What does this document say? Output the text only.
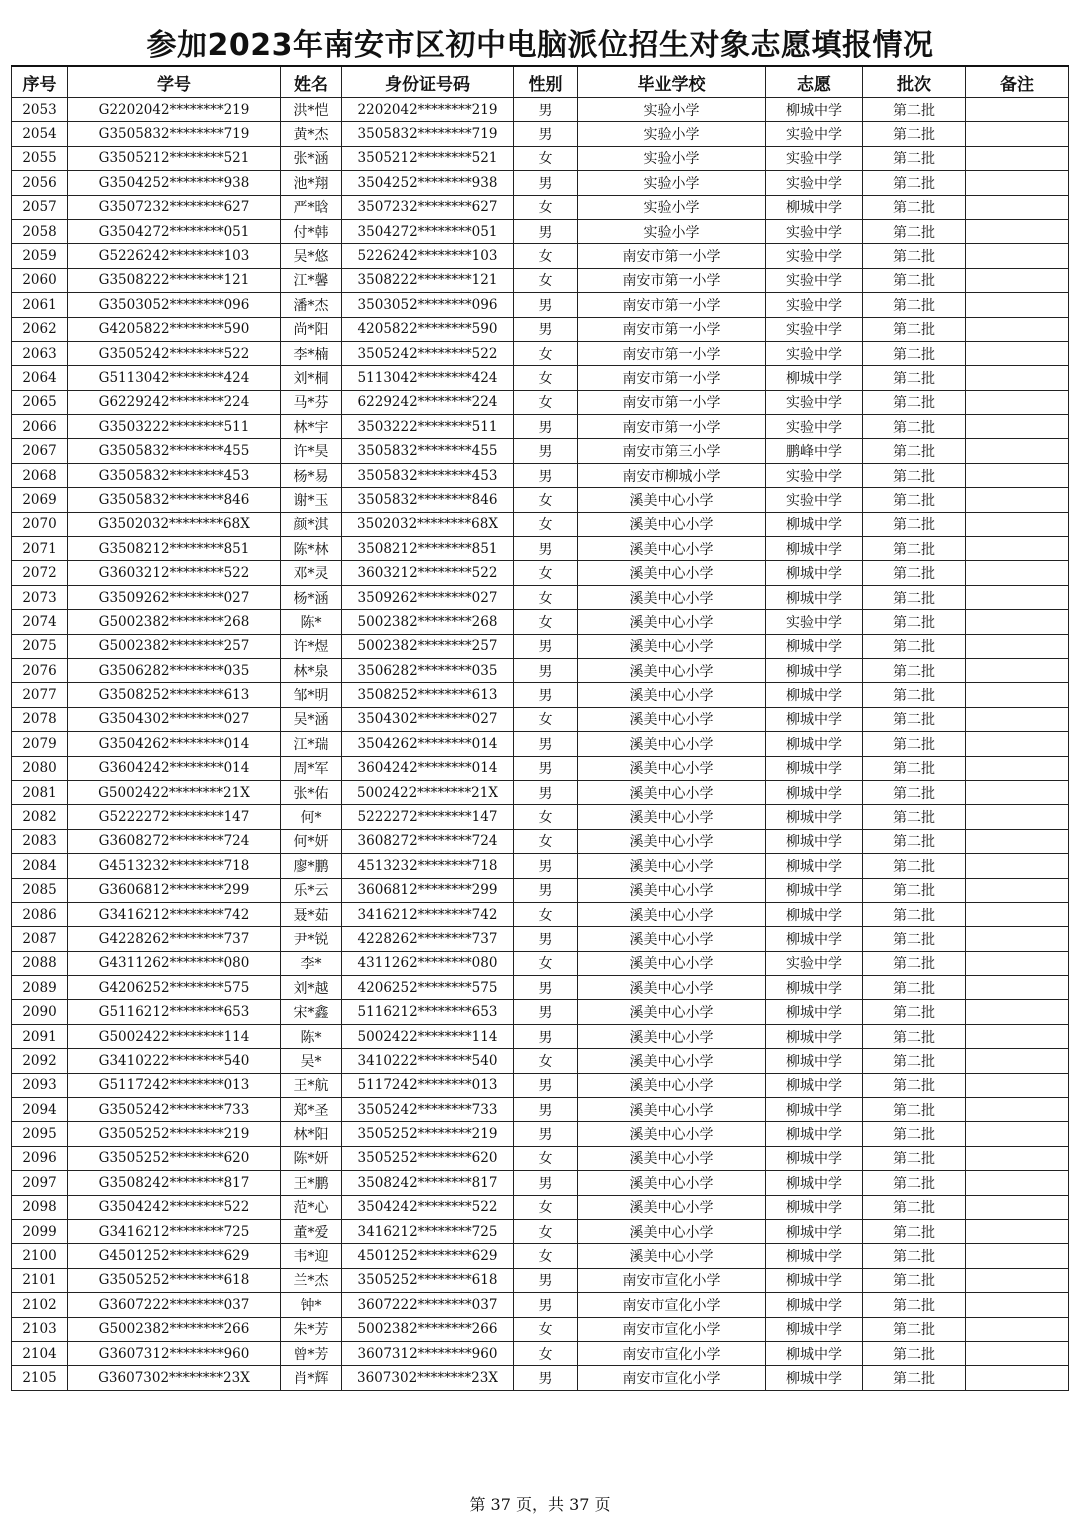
参加2023年南安市区初中电脑派位招生对象志愿填报情况
序号	学号	姓名	身份证号码	性别	毕业学校	志愿	批次	备注
2053	G2202042********219	洪*恺	2202042********219	男	实验小学	柳城中学	第二批	
2054	G3505832********719	黄*杰	3505832********719	男	实验小学	实验中学	第二批	
2055	G3505212********521	张*涵	3505212********521	女	实验小学	实验中学	第二批	
2056	G3504252********938	池*翔	3504252********938	男	实验小学	实验中学	第二批	
2057	G3507232********627	严*晗	3507232********627	女	实验小学	柳城中学	第二批	
2058	G3504272********051	付*韩	3504272********051	男	实验小学	实验中学	第二批	
2059	G5226242********103	吴*悠	5226242********103	女	南安市第一小学	实验中学	第二批	
2060	G3508222********121	江*馨	3508222********121	女	南安市第一小学	实验中学	第二批	
2061	G3503052********096	潘*杰	3503052********096	男	南安市第一小学	实验中学	第二批	
2062	G4205822********590	尚*阳	4205822********590	男	南安市第一小学	实验中学	第二批	
2063	G3505242********522	李*楠	3505242********522	女	南安市第一小学	实验中学	第二批	
2064	G5113042********424	刘*桐	5113042********424	女	南安市第一小学	柳城中学	第二批	
2065	G6229242********224	马*芬	6229242********224	女	南安市第一小学	实验中学	第二批	
2066	G3503222********511	林*宇	3503222********511	男	南安市第一小学	实验中学	第二批	
2067	G3505832********455	许*昊	3505832********455	男	南安市第三小学	鹏峰中学	第二批	
2068	G3505832********453	杨*易	3505832********453	男	南安市柳城小学	实验中学	第二批	
2069	G3505832********846	谢*玉	3505832********846	女	溪美中心小学	实验中学	第二批	
2070	G3502032********68X	颜*淇	3502032********68X	女	溪美中心小学	柳城中学	第二批	
2071	G3508212********851	陈*林	3508212********851	男	溪美中心小学	柳城中学	第二批	
2072	G3603212********522	邓*灵	3603212********522	女	溪美中心小学	柳城中学	第二批	
2073	G3509262********027	杨*涵	3509262********027	女	溪美中心小学	柳城中学	第二批	
2074	G5002382********268	陈*	5002382********268	女	溪美中心小学	实验中学	第二批	
2075	G5002382********257	许*煜	5002382********257	男	溪美中心小学	柳城中学	第二批	
2076	G3506282********035	林*泉	3506282********035	男	溪美中心小学	柳城中学	第二批	
2077	G3508252********613	邹*明	3508252********613	男	溪美中心小学	柳城中学	第二批	
2078	G3504302********027	吴*涵	3504302********027	女	溪美中心小学	柳城中学	第二批	
2079	G3504262********014	江*瑞	3504262********014	男	溪美中心小学	柳城中学	第二批	
2080	G3604242********014	周*军	3604242********014	男	溪美中心小学	柳城中学	第二批	
2081	G5002422********21X	张*佑	5002422********21X	男	溪美中心小学	柳城中学	第二批	
2082	G5222272********147	何*	5222272********147	女	溪美中心小学	柳城中学	第二批	
2083	G3608272********724	何*妍	3608272********724	女	溪美中心小学	柳城中学	第二批	
2084	G4513232********718	廖*鹏	4513232********718	男	溪美中心小学	柳城中学	第二批	
2085	G3606812********299	乐*云	3606812********299	男	溪美中心小学	柳城中学	第二批	
2086	G3416212********742	聂*茹	3416212********742	女	溪美中心小学	柳城中学	第二批	
2087	G4228262********737	尹*锐	4228262********737	男	溪美中心小学	柳城中学	第二批	
2088	G4311262********080	李*	4311262********080	女	溪美中心小学	实验中学	第二批	
2089	G4206252********575	刘*越	4206252********575	男	溪美中心小学	柳城中学	第二批	
2090	G5116212********653	宋*鑫	5116212********653	男	溪美中心小学	柳城中学	第二批	
2091	G5002422********114	陈*	5002422********114	男	溪美中心小学	柳城中学	第二批	
2092	G3410222********540	吴*	3410222********540	女	溪美中心小学	柳城中学	第二批	
2093	G5117242********013	王*航	5117242********013	男	溪美中心小学	柳城中学	第二批	
2094	G3505242********733	郑*圣	3505242********733	男	溪美中心小学	柳城中学	第二批	
2095	G3505252********219	林*阳	3505252********219	男	溪美中心小学	柳城中学	第二批	
2096	G3505252********620	陈*妍	3505252********620	女	溪美中心小学	柳城中学	第二批	
2097	G3508242********817	王*鹏	3508242********817	男	溪美中心小学	柳城中学	第二批	
2098	G3504242********522	范*心	3504242********522	女	溪美中心小学	柳城中学	第二批	
2099	G3416212********725	董*爱	3416212********725	女	溪美中心小学	柳城中学	第二批	
2100	G4501252********629	韦*迎	4501252********629	女	溪美中心小学	柳城中学	第二批	
2101	G3505252********618	兰*杰	3505252********618	男	南安市宣化小学	柳城中学	第二批	
2102	G3607222********037	钟*	3607222********037	男	南安市宣化小学	柳城中学	第二批	
2103	G5002382********266	朱*芳	5002382********266	女	南安市宣化小学	柳城中学	第二批	
2104	G3607312********960	曾*芳	3607312********960	女	南安市宣化小学	柳城中学	第二批	
2105	G3607302********23X	肖*辉	3607302********23X	男	南安市宣化小学	柳城中学	第二批	
第 37 页，共 37 页
